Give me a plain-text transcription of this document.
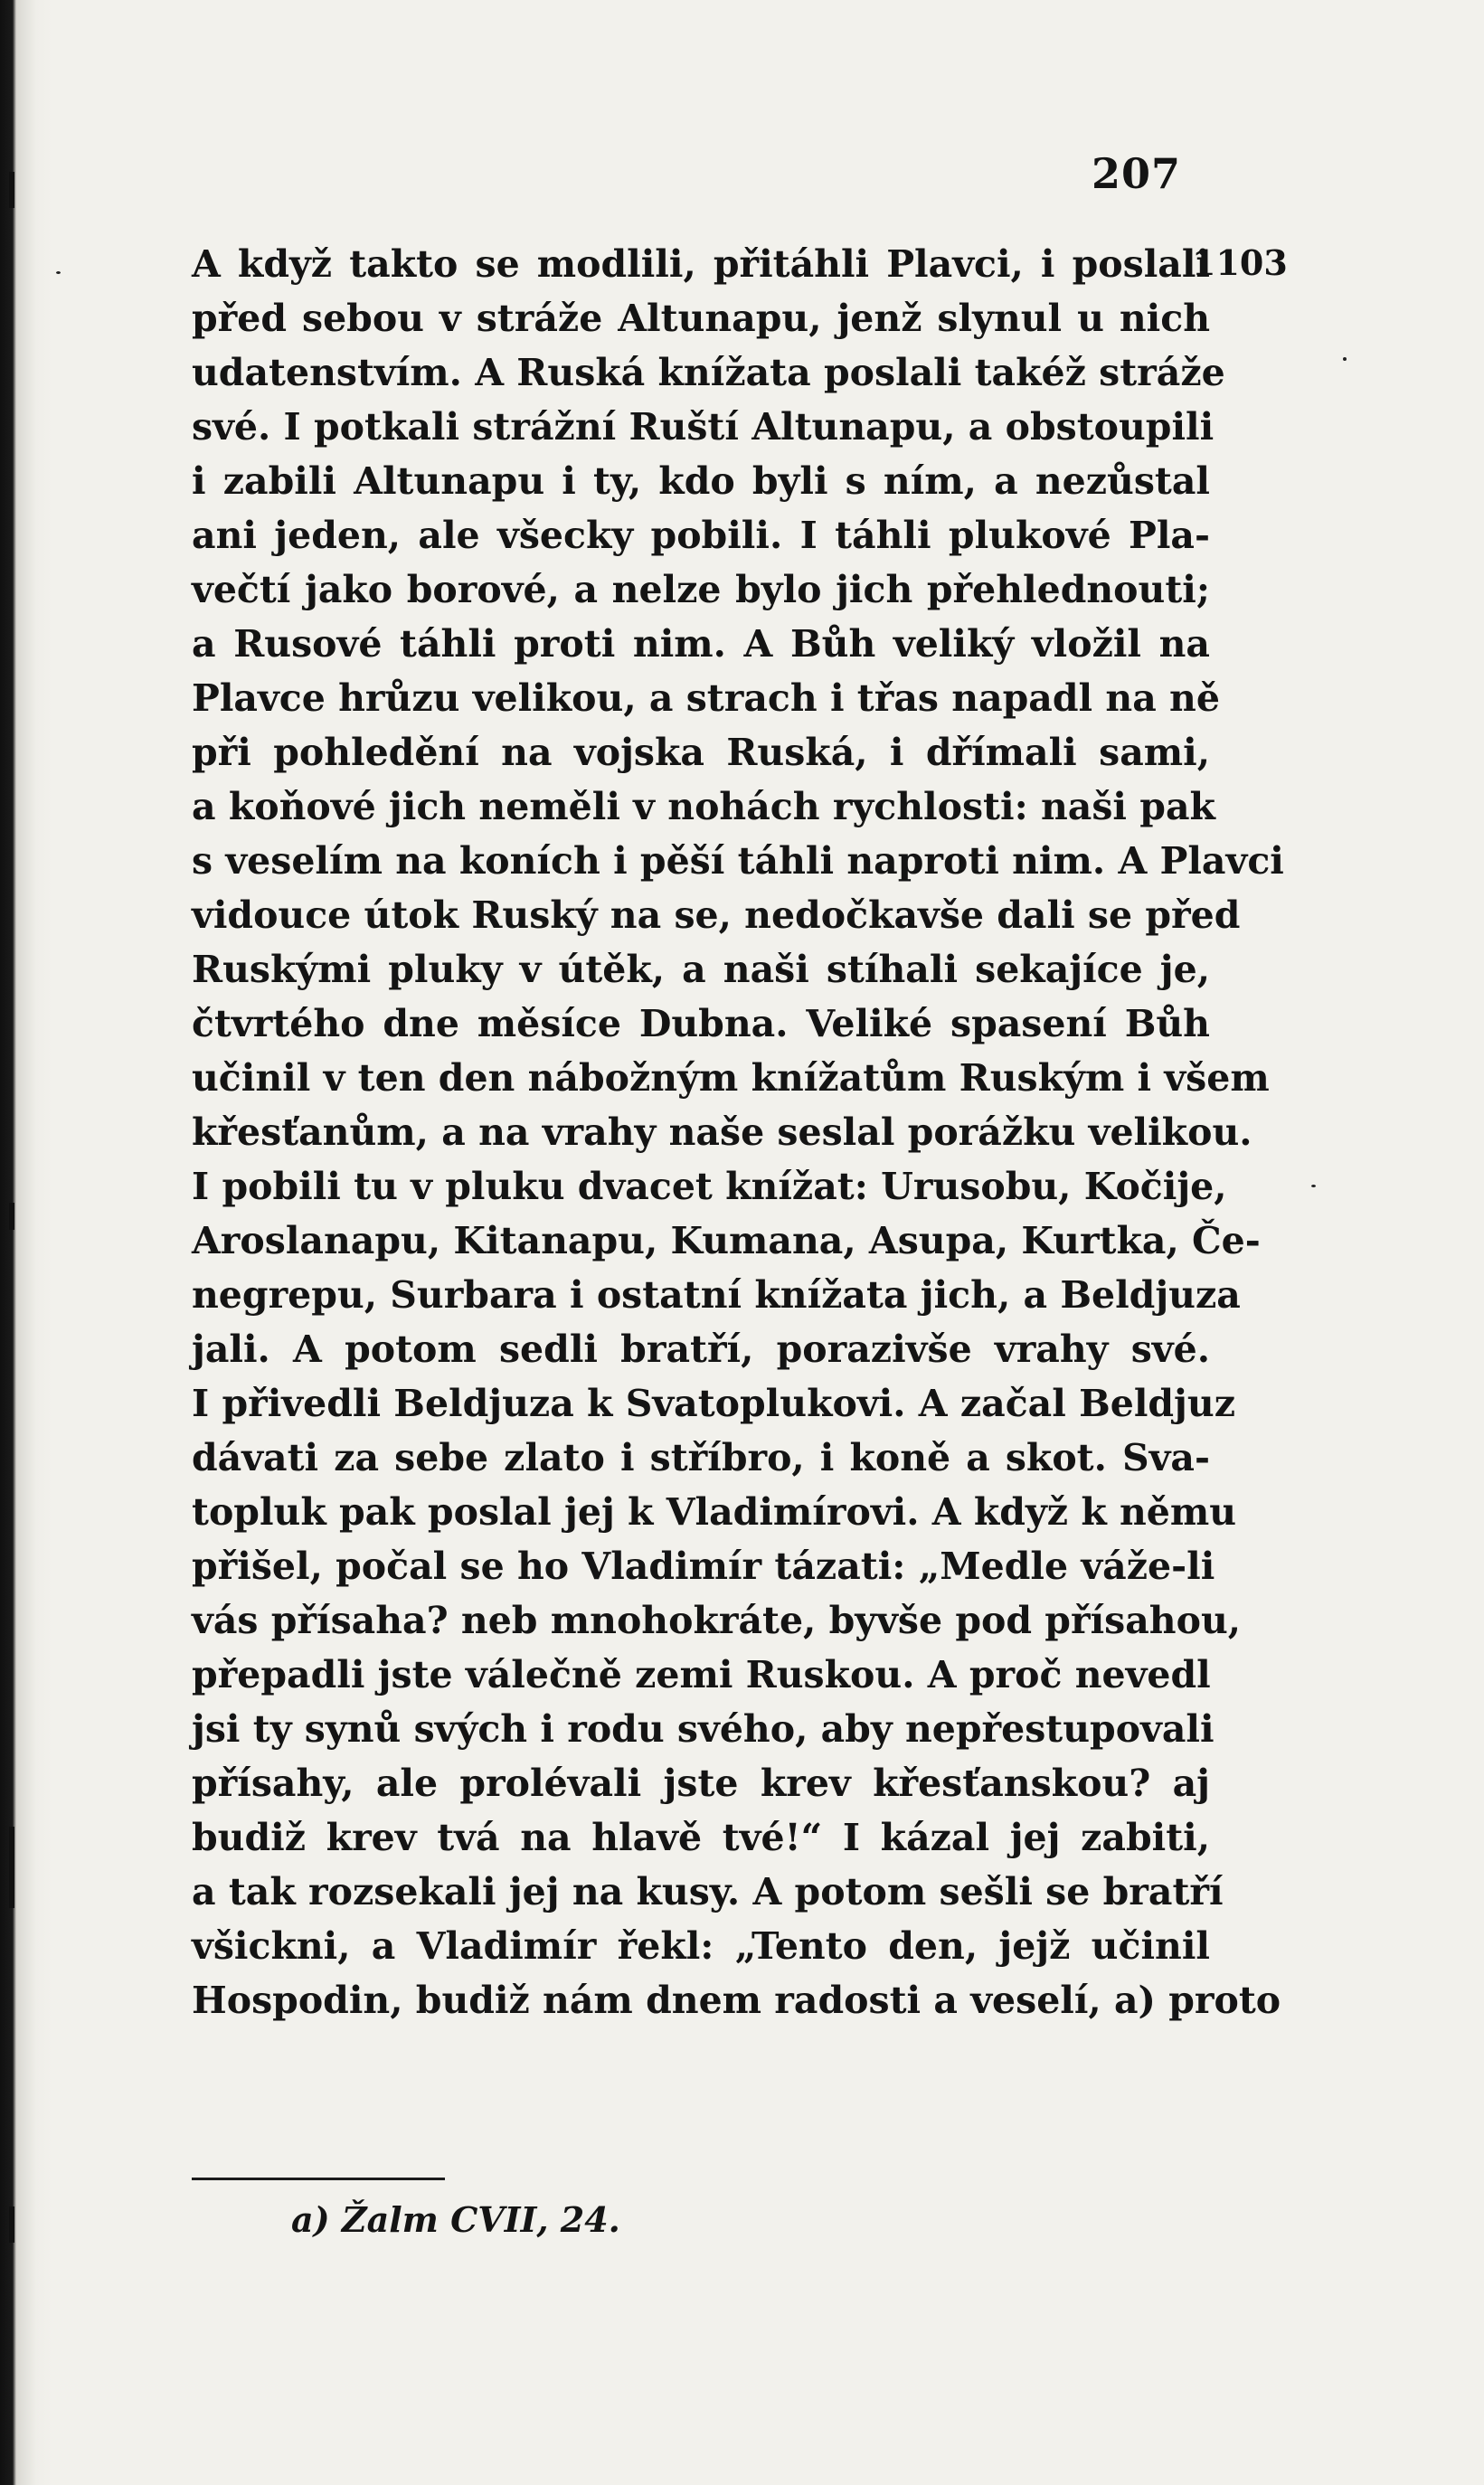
207
1103
A když takto se modlili, přitáhli Plavci, i poslali
před sebou v stráže Altunapu, jenž slynul u nich
udatenstvím. A Ruská knížata poslali takéž stráže
své. I potkali strážní Ruští Altunapu, a obstoupili
i zabili Altunapu i ty, kdo byli s ním, a nezůstal
ani jeden, ale všecky pobili. I táhli plukové Pla-
večtí jako borové, a nelze bylo jich přehlednouti;
a Rusové táhli proti nim. A Bůh veliký vložil na
Plavce hrůzu velikou, a strach i třas napadl na ně
při pohledění na vojska Ruská, i dřímali sami,
a koňové jich neměli v nohách rychlosti: naši pak
s veselím na koních i pěší táhli naproti nim. A Plavci
vidouce útok Ruský na se, nedočkavše dali se před
Ruskými pluky v útěk, a naši stíhali sekajíce je,
čtvrtého dne měsíce Dubna. Veliké spasení Bůh
učinil v ten den nábožným knížatům Ruským i všem
křesťanům, a na vrahy naše seslal porážku velikou.
I pobili tu v pluku dvacet knížat: Urusobu, Kočije,
Aroslanapu, Kitanapu, Kumana, Asupa, Kurtka, Če-
negrepu, Surbara i ostatní knížata jich, a Beldjuza
jali. A potom sedli bratří, porazivše vrahy své.
I přivedli Beldjuza k Svatoplukovi. A začal Beldjuz
dávati za sebe zlato i stříbro, i koně a skot. Sva-
topluk pak poslal jej k Vladimírovi. A když k němu
přišel, počal se ho Vladimír tázati: „Medle váže-li
vás přísaha? neb mnohokráte, byvše pod přísahou,
přepadli jste válečně zemi Ruskou. A proč nevedl
jsi ty synů svých i rodu svého, aby nepřestupovali
přísahy, ale prolévali jste krev křesťanskou? aj
budiž krev tvá na hlavě tvé!“ I kázal jej zabiti,
a tak rozsekali jej na kusy. A potom sešli se bratří
všickni, a Vladimír řekl: „Tento den, jejž učinil
Hospodin, budiž nám dnem radosti a veselí, a) proto
a) Žalm CVII, 24.
